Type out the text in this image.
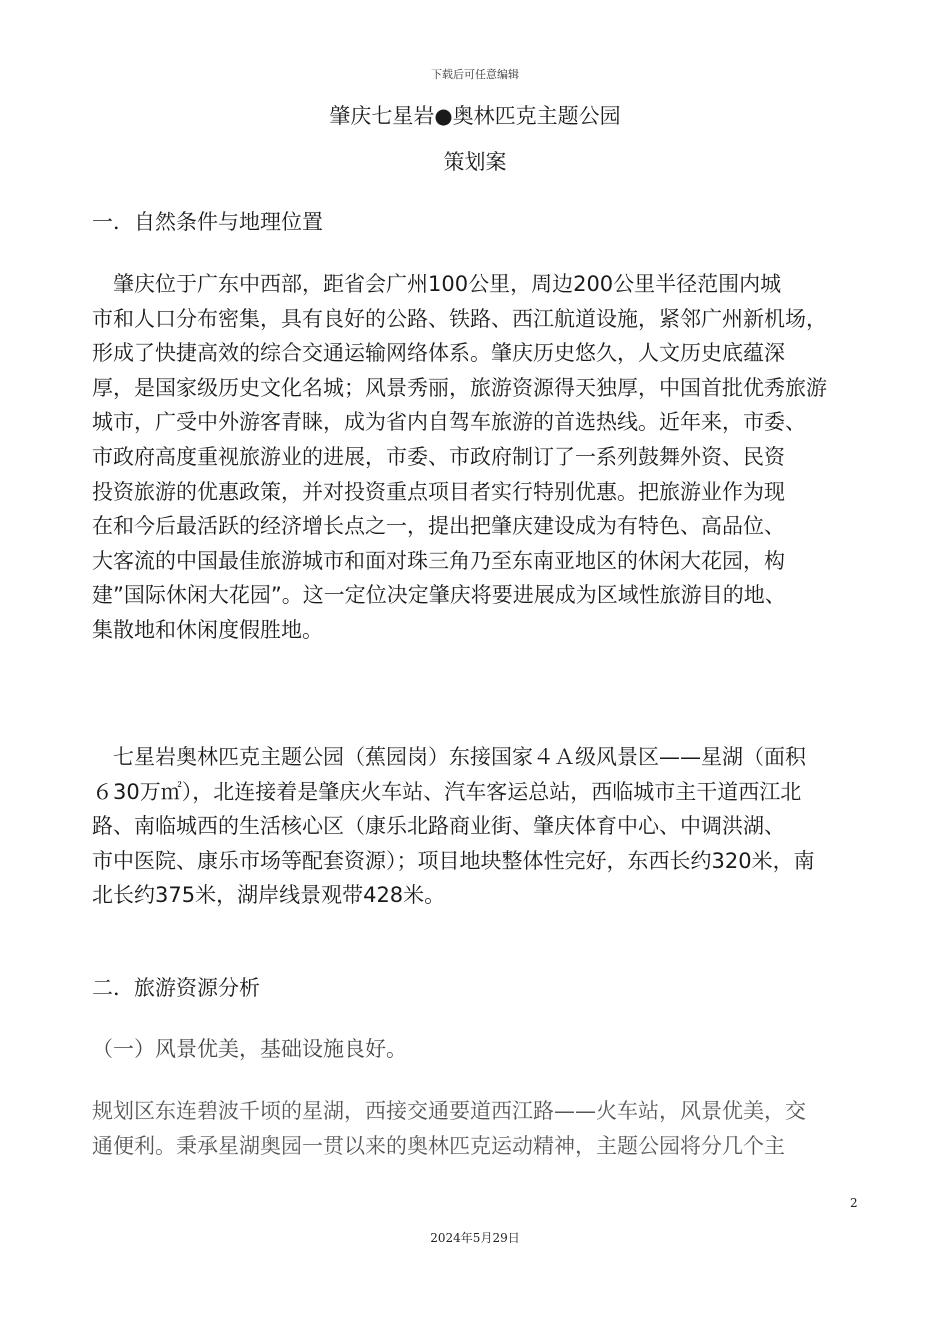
下载后可任意编辑
肇庆七星岩●奥林匹克主题公园
策划案
一．自然条件与地理位置
　肇庆位于广东中西部，距省会广州100公里，周边200公里半径范围内城
市和人口分布密集，具有良好的公路、铁路、西江航道设施，紧邻广州新机场，
形成了快捷高效的综合交通运输网络体系。肇庆历史悠久，人文历史底蕴深
厚，是国家级历史文化名城；风景秀丽，旅游资源得天独厚，中国首批优秀旅游
城市，广受中外游客青睐，成为省内自驾车旅游的首选热线。近年来，市委、
市政府高度重视旅游业的进展，市委、市政府制订了一系列鼓舞外资、民资
投资旅游的优惠政策，并对投资重点项目者实行特别优惠。把旅游业作为现
在和今后最活跃的经济增长点之一，提出把肇庆建设成为有特色、高品位、
大客流的中国最佳旅游城市和面对珠三角乃至东南亚地区的休闲大花园，构
建”国际休闲大花园”。这一定位决定肇庆将要进展成为区域性旅游目的地、
集散地和休闲度假胜地。
　七星岩奥林匹克主题公园（蕉园岗）东接国家４Ａ级风景区——星湖（面积
６30万㎡），北连接着是肇庆火车站、汽车客运总站，西临城市主干道西江北
路、南临城西的生活核心区（康乐北路商业街、肇庆体育中心、中调洪湖、
市中医院、康乐市场等配套资源）；项目地块整体性完好，东西长约320米，南
北长约375米，湖岸线景观带428米。
二．旅游资源分析
（一）风景优美，基础设施良好。
规划区东连碧波千顷的星湖，西接交通要道西江路——火车站，风景优美，交
通便利。秉承星湖奥园一贯以来的奥林匹克运动精神，主题公园将分几个主
2
2024年5月29日
